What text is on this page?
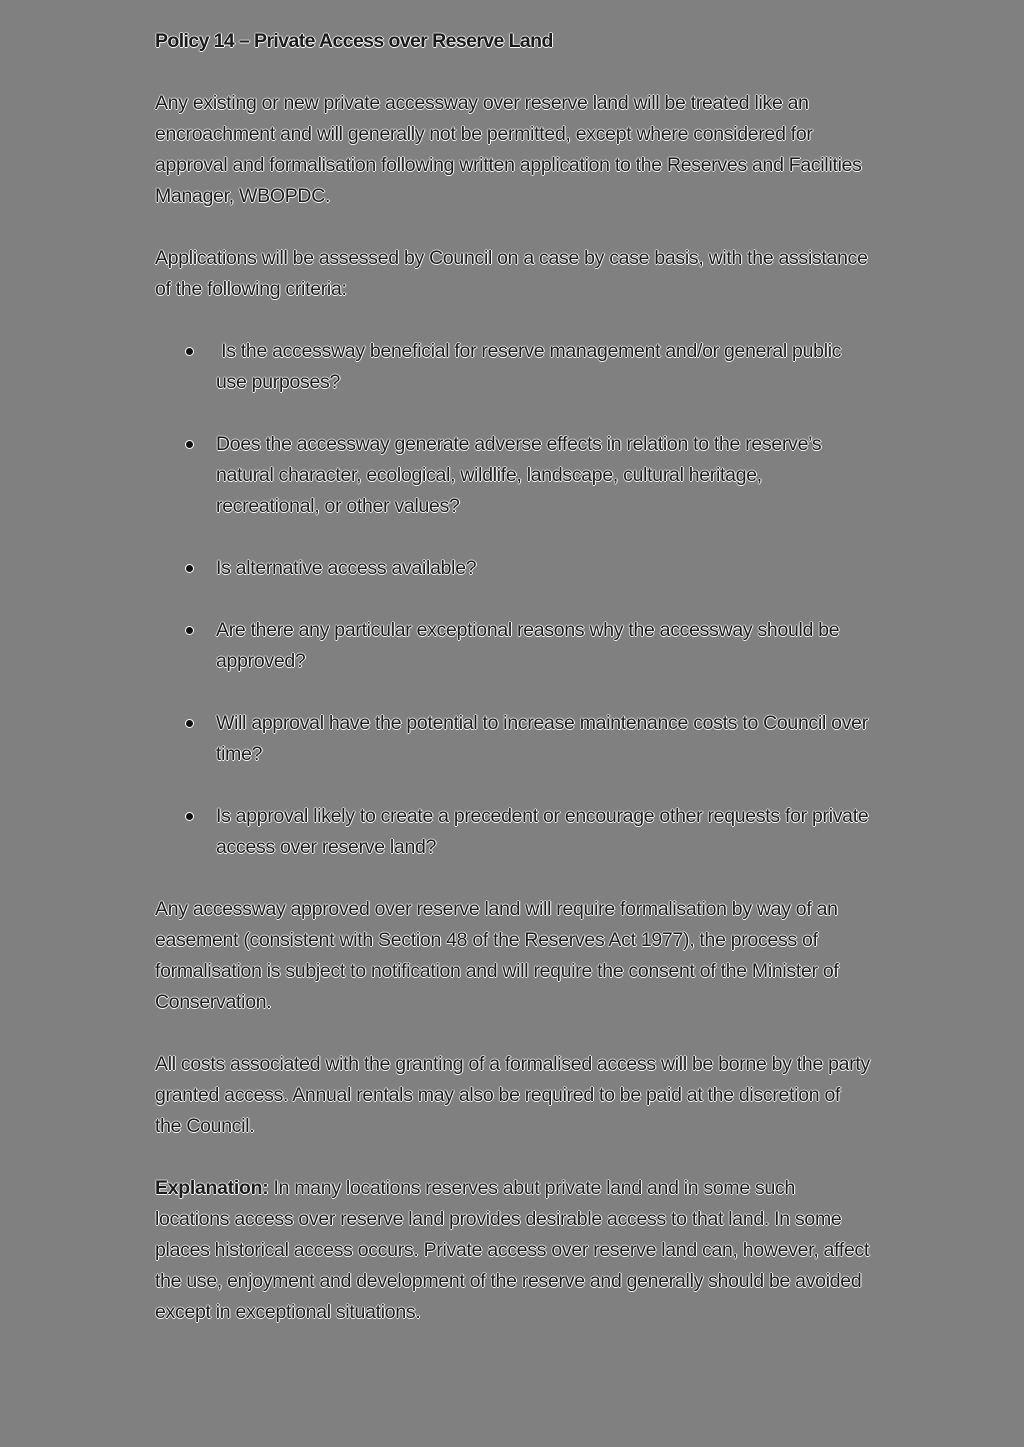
Policy 14 – Private Access over Reserve Land

Any existing or new private accessway over reserve land will be treated like an encroachment and will generally not be permitted, except where considered for approval and formalisation following written application to the Reserves and Facilities Manager, WBOPDC.

Applications will be assessed by Council on a case by case basis, with the assistance of the following criteria:

Is the accessway beneficial for reserve management and/or general public use purposes?
Does the accessway generate adverse effects in relation to the reserve’s natural character, ecological, wildlife, landscape, cultural heritage, recreational, or other values?
Is alternative access available?
Are there any particular exceptional reasons why the accessway should be approved?
Will approval have the potential to increase maintenance costs to Council over time?
Is approval likely to create a precedent or encourage other requests for private access over reserve land?

Any accessway approved over reserve land will require formalisation by way of an easement (consistent with Section 48 of the Reserves Act 1977), the process of formalisation is subject to notification and will require the consent of the Minister of
Conservation.

All costs associated with the granting of a formalised access will be borne by the party granted access. Annual rentals may also be required to be paid at the discretion of the Council.

Explanation: In many locations reserves abut private land and in some such locations access over reserve land provides desirable access to that land. In some places historical access occurs. Private access over reserve land can, however, affect the use, enjoyment and development of the reserve and generally should be avoided except in exceptional situations.
